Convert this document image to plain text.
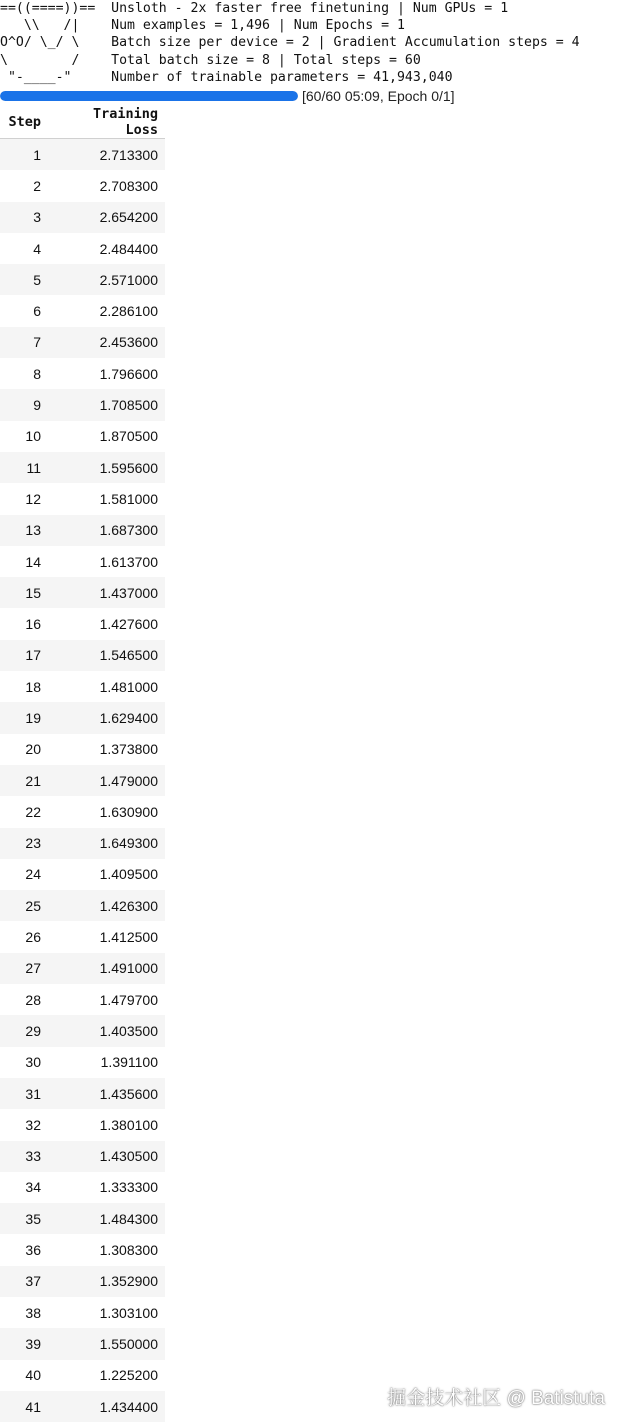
==((====))==  Unsloth - 2x faster free finetuning | Num GPUs = 1
\\   /|    Num examples = 1,496 | Num Epochs = 1
O^O/ \_/ \    Batch size per device = 2 | Gradient Accumulation steps = 4
\        /    Total batch size = 8 | Total steps = 60
"-____-"     Number of trainable parameters = 41,943,040
[60/60 05:09, Epoch 0/1]
Step	Training Loss
1	2.713300
2	2.708300
3	2.654200
4	2.484400
5	2.571000
6	2.286100
7	2.453600
8	1.796600
9	1.708500
10	1.870500
11	1.595600
12	1.581000
13	1.687300
14	1.613700
15	1.437000
16	1.427600
17	1.546500
18	1.481000
19	1.629400
20	1.373800
21	1.479000
22	1.630900
23	1.649300
24	1.409500
25	1.426300
26	1.412500
27	1.491000
28	1.479700
29	1.403500
30	1.391100
31	1.435600
32	1.380100
33	1.430500
34	1.333300
35	1.484300
36	1.308300
37	1.352900
38	1.303100
39	1.550000
40	1.225200
41	1.434400	掘金技术社区 @ Batistuta
